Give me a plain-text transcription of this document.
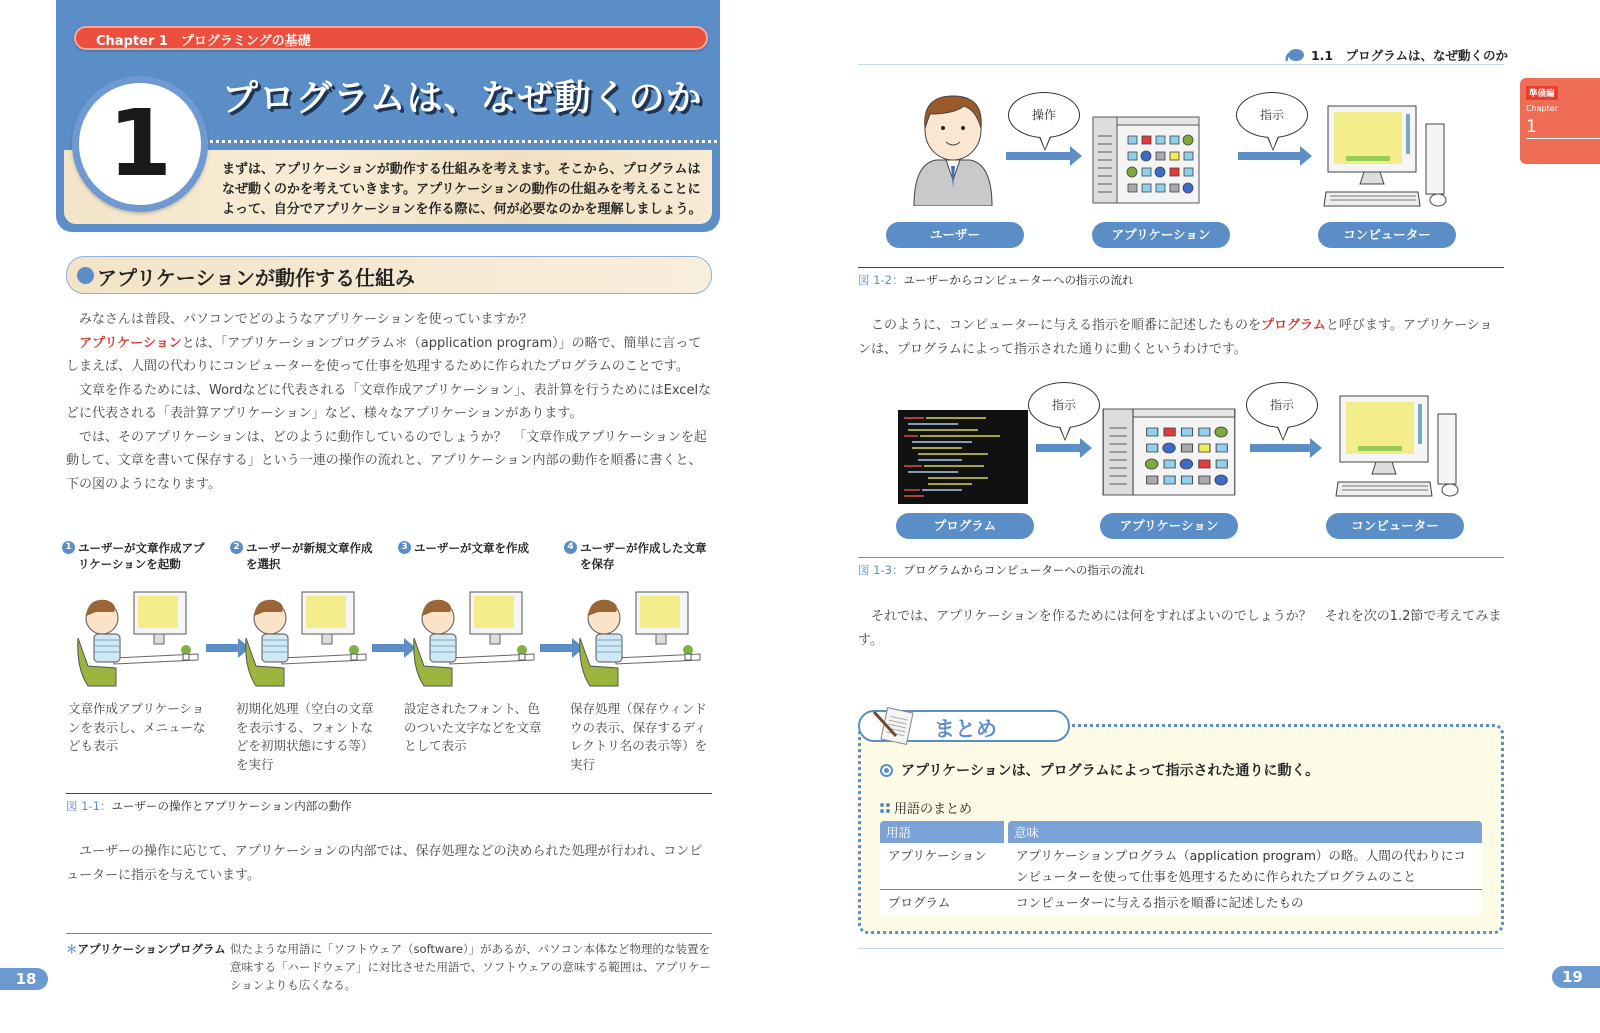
Chapter 1　プログラミングの基礎
プログラムは、なぜ動くのか
まずは、アプリケーションが動作する仕組みを考えます。そこから、プログラムはなぜ動くのかを考えていきます。アプリケーションの動作の仕組みを考えることによって、自分でアプリケーションを作る際に、何が必要なのかを理解しましょう。
1
アプリケーションが動作する仕組み

みなさんは普段、パソコンでどのようなアプリケーションを使っていますか？

アプリケーションとは、「アプリケーションプログラム＊（application program）」の略で、簡単に言ってしまえば、人間の代わりにコンピューターを使って仕事を処理するために作られたプログラムのことです。

文章を作るためには、Wordなどに代表される「文章作成アプリケーション」、表計算を行うためにはExcelなどに代表される「表計算アプリケーション」など、様々なアプリケーションがあります。

では、そのアプリケーションは、どのように動作しているのでしょうか？　「文章作成アプリケーションを起動して、文章を書いて保存する」という一連の操作の流れと、アプリケーション内部の動作を順番に書くと、下の図のようになります。

1 ユーザーが文章作成アプリケーションを起動
文章作成アプリケーションを表示し、メニューなども表示
2 ユーザーが新規文章作成を選択
初期化処理（空白の文章を表示する、フォントなどを初期状態にする等）を実行
3 ユーザーが文章を作成
設定されたフォント、色のついた文字などを文章として表示
4 ユーザーが作成した文章を保存
保存処理（保存ウィンドウの表示、保存するディレクトリ名の表示等）を実行
図 1-1：ユーザーの操作とアプリケーション内部の動作

ユーザーの操作に応じて、アプリケーションの内部では、保存処理などの決められた処理が行われ、コンピューターに指示を与えています。

＊アプリケーションプログラム 似たような用語に「ソフトウェア（software）」があるが、パソコン本体など物理的な装置を意味する「ハードウェア」に対比させた用語で、ソフトウェアの意味する範囲は、アプリケーションよりも広くなる。
18
1.1　プログラムは、なぜ動くのか
準備編
Chapter
1
操作	指示
ユーザー	アプリケーション	コンピューター
図 1-2：ユーザーからコンピューターへの指示の流れ

このように、コンピューターに与える指示を順番に記述したものをプログラムと呼びます。アプリケーションは、プログラムによって指示された通りに動くというわけです。

指示	指示
プログラム	アプリケーション	コンピューター
図 1-3：プログラムからコンピューターへの指示の流れ

それでは、アプリケーションを作るためには何をすればよいのでしょうか？　それを次の1.2節で考えてみます。

まとめ
アプリケーションは、プログラムによって指示された通りに動く。
用語のまとめ
用語	意味
アプリケーション	アプリケーションプログラム（application program）の略。人間の代わりにコンピューターを使って仕事を処理するために作られたプログラムのこと
プログラム	コンピューターに与える指示を順番に記述したもの
19
